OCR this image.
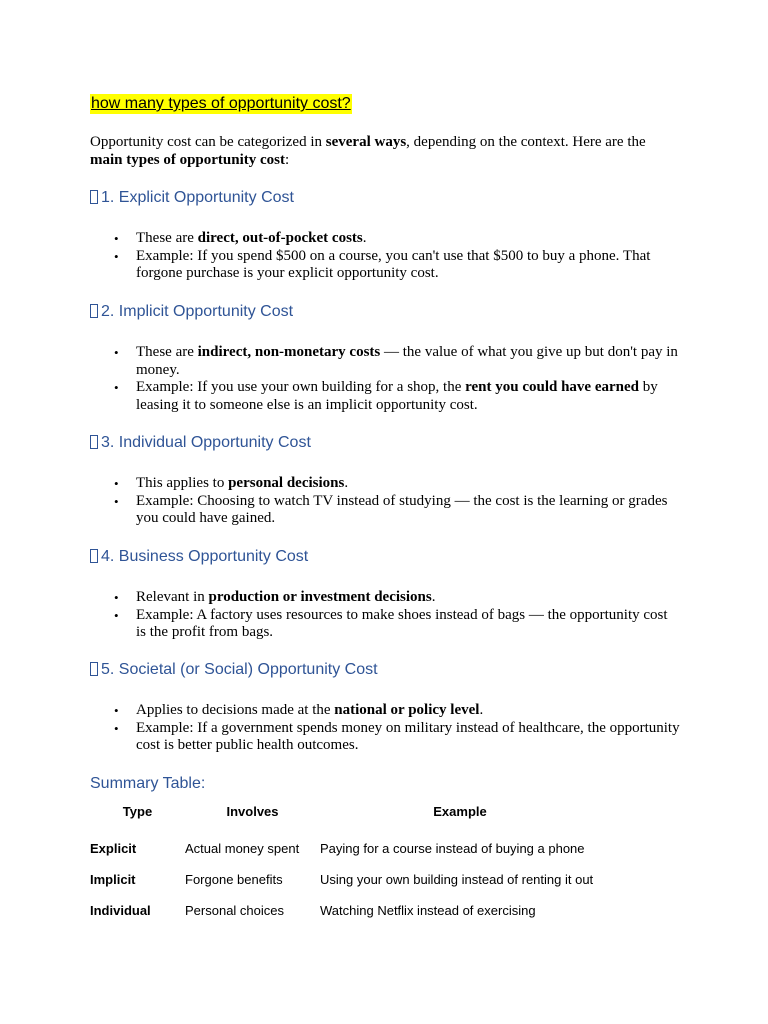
how many types of opportunity cost?
Opportunity cost can be categorized in several ways, depending on the context. Here are the main types of opportunity cost:
1. Explicit Opportunity Cost
• These are direct, out-of-pocket costs.
• Example: If you spend $500 on a course, you can't use that $500 to buy a phone. That forgone purchase is your explicit opportunity cost.
2. Implicit Opportunity Cost
• These are indirect, non-monetary costs — the value of what you give up but don't pay in money.
• Example: If you use your own building for a shop, the rent you could have earned by leasing it to someone else is an implicit opportunity cost.
3. Individual Opportunity Cost
• This applies to personal decisions.
• Example: Choosing to watch TV instead of studying — the cost is the learning or grades you could have gained.
4. Business Opportunity Cost
• Relevant in production or investment decisions.
• Example: A factory uses resources to make shoes instead of bags — the opportunity cost is the profit from bags.
5. Societal (or Social) Opportunity Cost
• Applies to decisions made at the national or policy level.
• Example: If a government spends money on military instead of healthcare, the opportunity cost is better public health outcomes.
Summary Table:
Type	Involves	Example
Explicit	Actual money spent	Paying for a course instead of buying a phone
Implicit	Forgone benefits	Using your own building instead of renting it out
Individual	Personal choices	Watching Netflix instead of exercising
